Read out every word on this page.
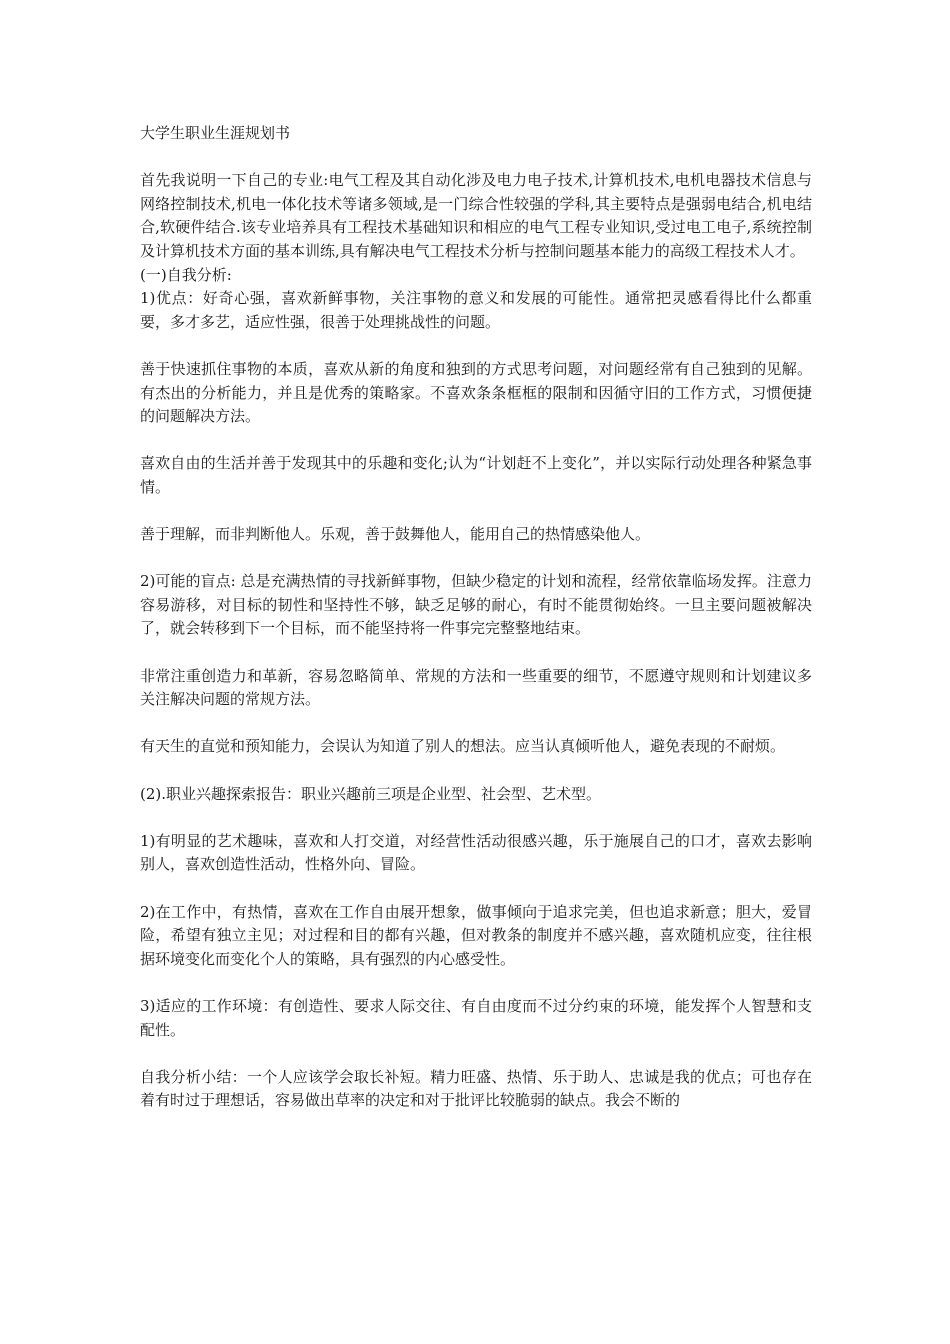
大学生职业生涯规划书

首先我说明一下自己的专业:电气工程及其自动化涉及电力电子技术,计算机技术,电机电器技术信息与网络控制技术,机电一体化技术等诸多领域,是一门综合性较强的学科,其主要特点是强弱电结合,机电结合,软硬件结合.该专业培养具有工程技术基础知识和相应的电气工程专业知识,受过电工电子,系统控制及计算机技术方面的基本训练,具有解决电气工程技术分析与控制问题基本能力的高级工程技术人才。

(一)自我分析:

1)优点：好奇心强，喜欢新鲜事物，关注事物的意义和发展的可能性。通常把灵感看得比什么都重要，多才多艺，适应性强，很善于处理挑战性的问题。

善于快速抓住事物的本质，喜欢从新的角度和独到的方式思考问题，对问题经常有自己独到的见解。有杰出的分析能力，并且是优秀的策略家。不喜欢条条框框的限制和因循守旧的工作方式，习惯便捷的问题解决方法。

喜欢自由的生活并善于发现其中的乐趣和变化;认为“计划赶不上变化”，并以实际行动处理各种紧急事情。

善于理解，而非判断他人。乐观，善于鼓舞他人，能用自己的热情感染他人。

2)可能的盲点: 总是充满热情的寻找新鲜事物，但缺少稳定的计划和流程，经常依靠临场发挥。注意力容易游移，对目标的韧性和坚持性不够，缺乏足够的耐心，有时不能贯彻始终。一旦主要问题被解决了，就会转移到下一个目标，而不能坚持将一件事完完整整地结束。

非常注重创造力和革新，容易忽略简单、常规的方法和一些重要的细节，不愿遵守规则和计划建议多关注解决问题的常规方法。

有天生的直觉和预知能力，会误认为知道了别人的想法。应当认真倾听他人，避免表现的不耐烦。

(2).职业兴趣探索报告：职业兴趣前三项是企业型、社会型、艺术型。

1)有明显的艺术趣味，喜欢和人打交道，对经营性活动很感兴趣，乐于施展自己的口才，喜欢去影响别人，喜欢创造性活动，性格外向、冒险。

2)在工作中，有热情，喜欢在工作自由展开想象，做事倾向于追求完美，但也追求新意；胆大，爱冒险，希望有独立主见；对过程和目的都有兴趣，但对教条的制度并不感兴趣，喜欢随机应变，往往根据环境变化而变化个人的策略，具有强烈的内心感受性。

3)适应的工作环境：有创造性、要求人际交往、有自由度而不过分约束的环境，能发挥个人智慧和支配性。

自我分析小结：一个人应该学会取长补短。精力旺盛、热情、乐于助人、忠诚是我的优点；可也存在着有时过于理想话，容易做出草率的决定和对于批评比较脆弱的缺点。我会不断的
